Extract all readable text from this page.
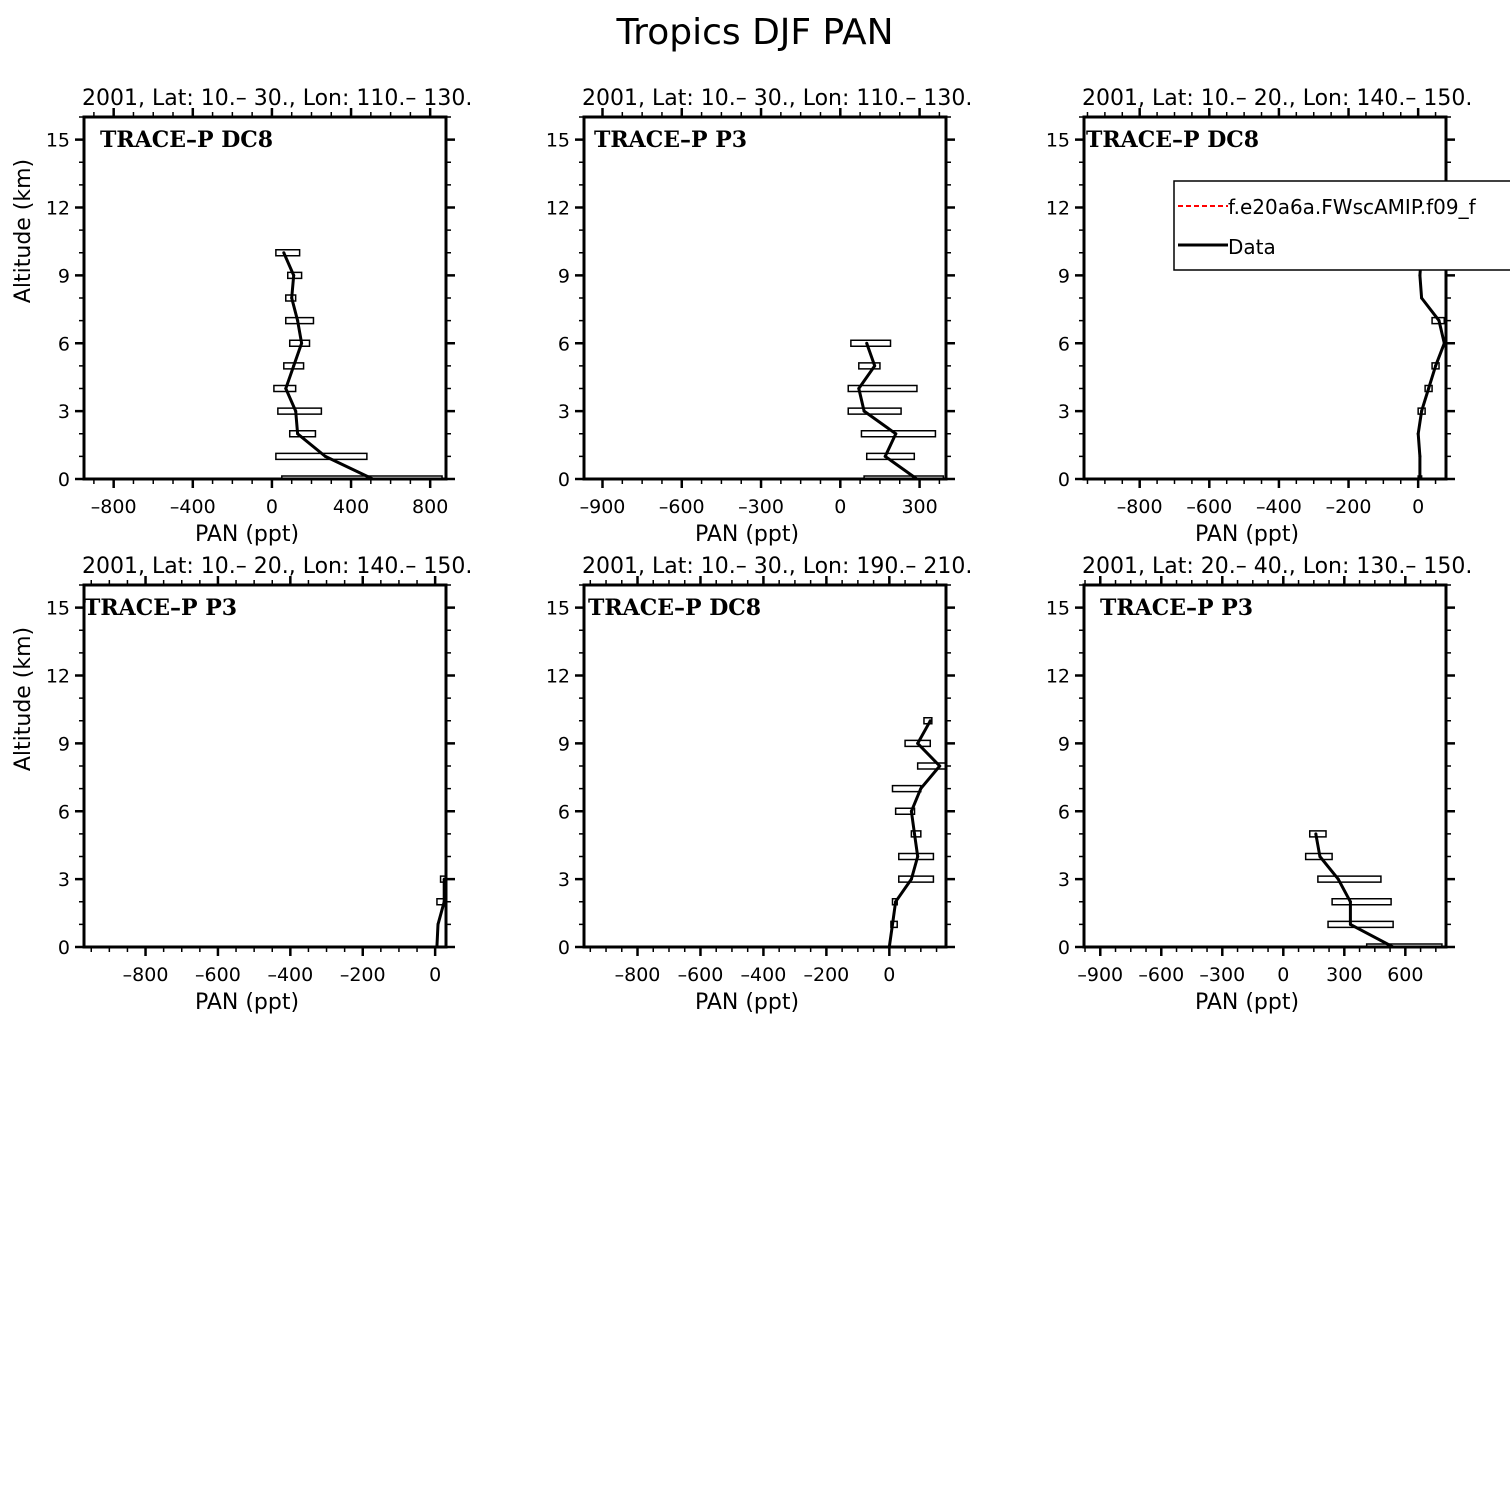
Tropics DJF PAN
0
3
6
9
12
15
–800 –400	0	400 800
PAN (ppt)
Altitude (km)
2001, Lat: 10.– 30., Lon: 110.– 130.
TRACE–P DC8
0
3
6
9
12
15
–900 –600 –300	0	300
PAN (ppt)
2001, Lat: 10.– 30., Lon: 110.– 130.
TRACE–P P3
0
3
6
9
12
15
–800 –600 –400 –200 0
PAN (ppt)
2001, Lat: 10.– 20., Lon: 140.– 150.
TRACE–P DC8
0
3
6
9
12
15
–800 –600 –400 –200 0
PAN (ppt)
Altitude (km)
2001, Lat: 10.– 20., Lon: 140.– 150.
TRACE–P P3
0
3
6
9
12
15
–800 –600 –400 –200 0
PAN (ppt)
2001, Lat: 10.– 30., Lon: 190.– 210.
TRACE–P DC8
0
3
6
9
12
15
–900 –600 –300 0 300 600
PAN (ppt)
2001, Lat: 20.– 40., Lon: 130.– 150.
TRACE–P P3
f.e20a6a.FWscAMIP.f09_f
Data
